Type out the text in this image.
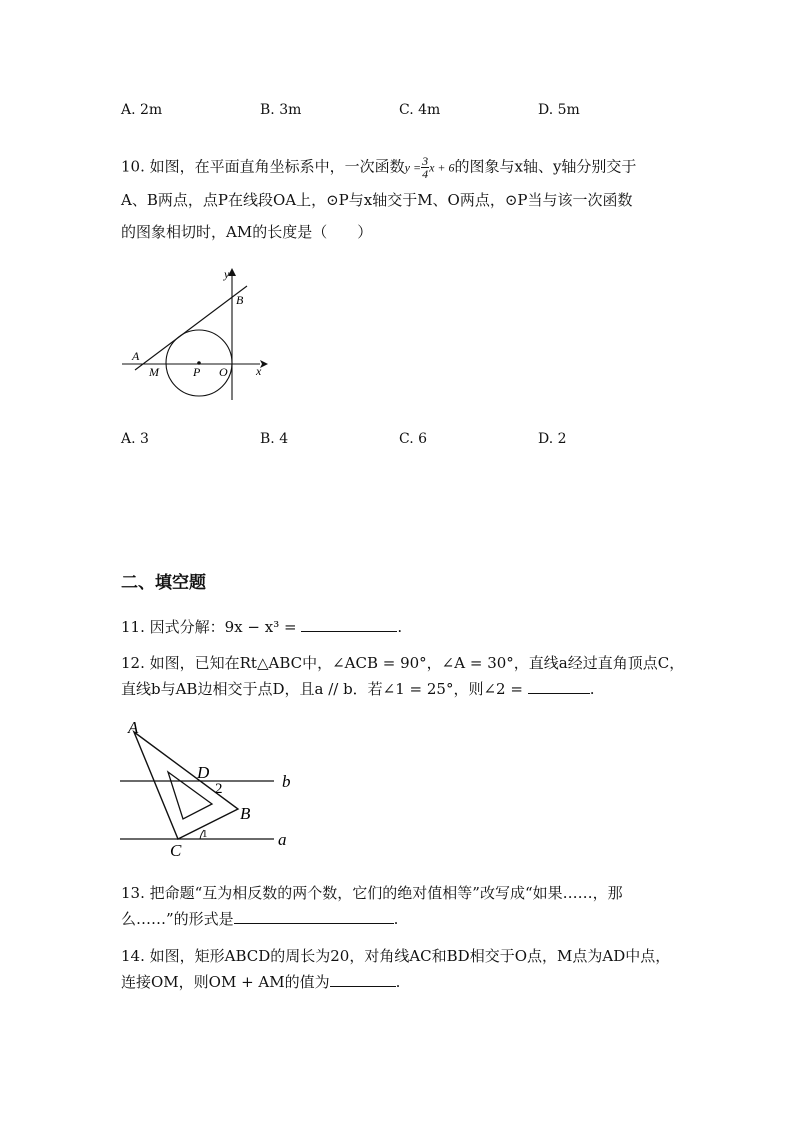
A. 2m	B. 3m	C. 4m	D. 5m
10. 如图，在平面直角坐标系中，一次函数$y = \frac{3}{4}$ x + 6的图象与x轴、y轴分别交于
A、B两点，点P在线段OA上，⊙P与x轴交于M、O两点，⊙P当与该一次函数
的图象相切时，AM的长度是（　　）
y
x
B
A
M	P O
A. 3	B. 4	C. 6	D. 2
二、填空题
11. 因式分解：9x − x³ =	.
12. 如图，已知在Rt△ABC中，∠ACB = 90°，∠A = 30°，直线a经过直角顶点C，
直线b与AB边相交于点D，且a // b．若∠1 = 25°，则∠2 =	.
A
D
B
C
b
a
2
1
13. 把命题“互为相反数的两个数，它们的绝对值相等”改写成“如果……，那
么……”的形式是	.
14. 如图，矩形ABCD的周长为20，对角线AC和BD相交于O点，M点为AD中点，
连接OM，则OM + AM的值为	.
